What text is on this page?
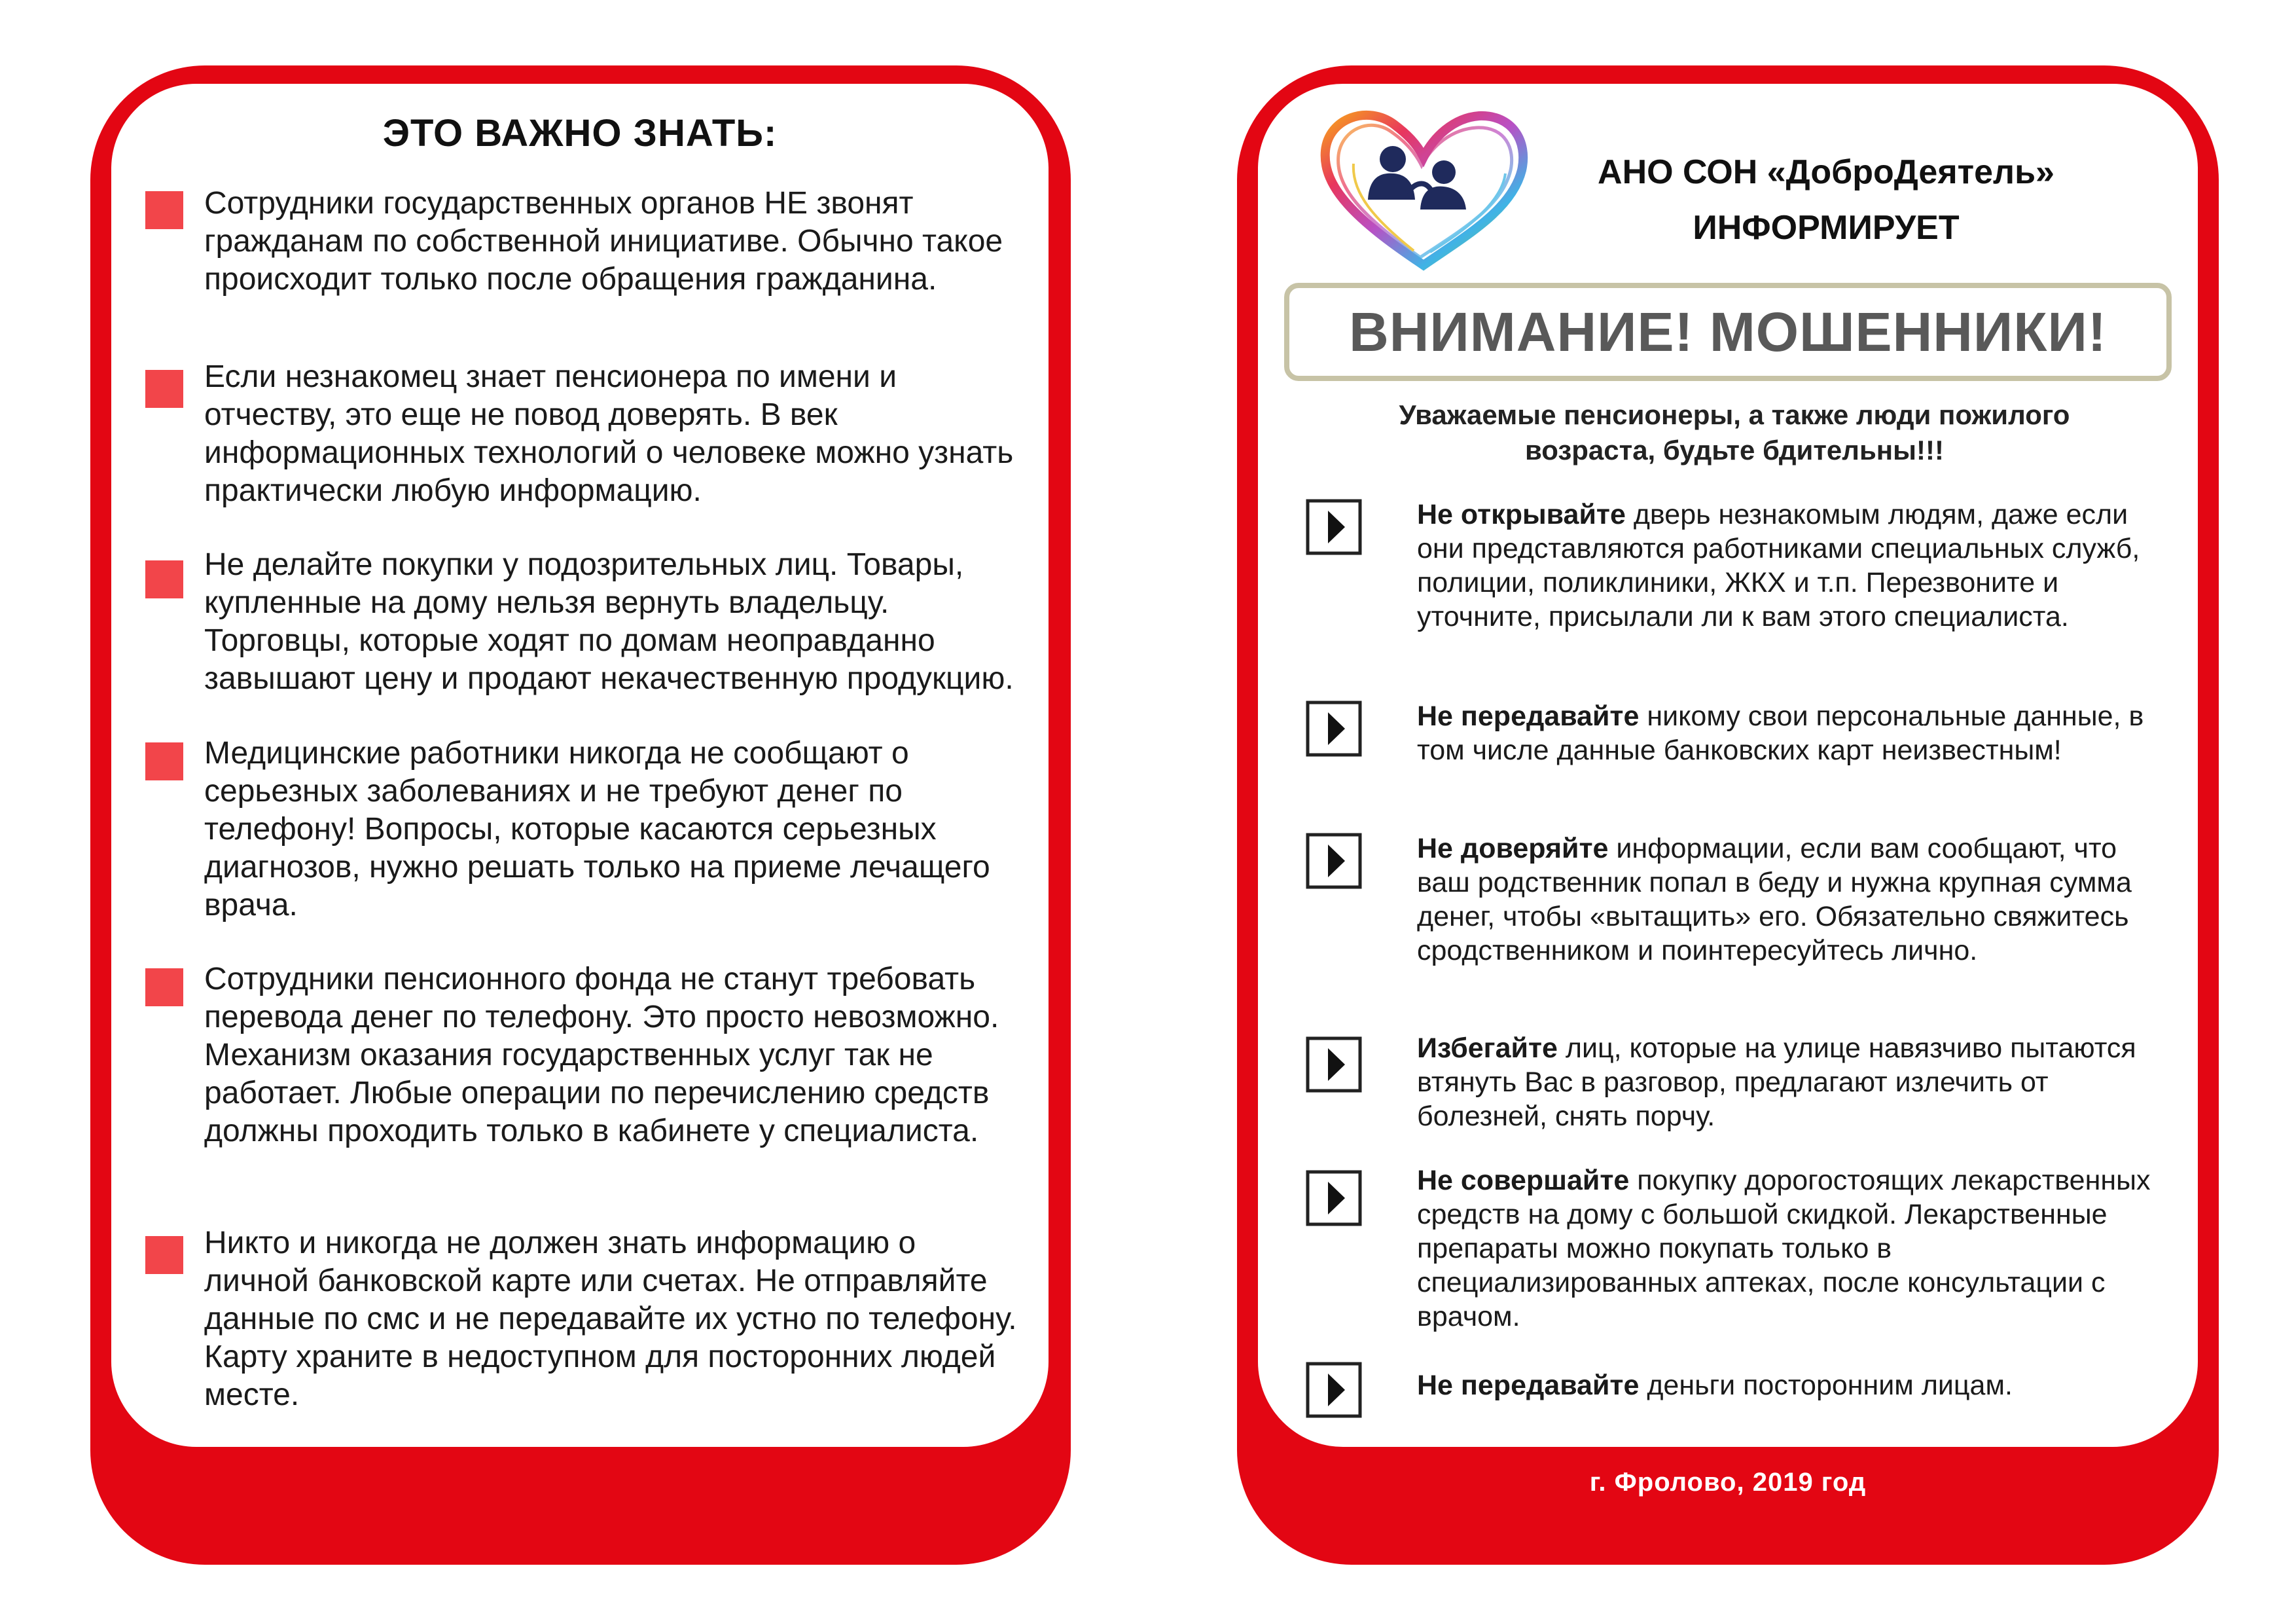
ЭТО ВАЖНО ЗНАТЬ:
Сотрудники государственных органов НЕ звонят гражданам по собственной инициативе. Обычно такое происходит только после обращения гражданина.
Если незнакомец знает пенсионера по имени и отчеству, это еще не повод доверять. В век информационных технологий о человеке можно узнать практически любую информацию.
Не делайте покупки у подозрительных лиц. Товары, купленные на дому нельзя вернуть владельцу. Торговцы, которые ходят по домам неоправданно завышают цену и продают некачественную продукцию.
Медицинские работники никогда не сообщают о серьезных заболеваниях и не требуют денег по телефону! Вопросы, которые касаются серьезных диагнозов, нужно решать только на приеме лечащего врача.
Сотрудники пенсионного фонда не станут требовать перевода денег по телефону. Это просто невозможно. Механизм оказания государственных услуг так не работает. Любые операции по перечислению средств должны проходить только в кабинете у специалиста.
Никто и никогда не должен знать информацию о личной банковской карте или счетах. Не отправляйте данные по смс и не передавайте их устно по телефону. Карту храните в недоступном для посторонних людей месте.
АНО СОН «ДоброДеятель»
ИНФОРМИРУЕТ
ВНИМАНИЕ! МОШЕННИКИ!
Уважаемые пенсионеры, а также люди пожилого
возраста, будьте бдительны!!!
Не открывайте дверь незнакомым людям, даже если они представляются работниками специальных служб, полиции, поликлиники, ЖКХ и т.п. Перезвоните и уточните, присылали ли к вам этого специалиста.
Не передавайте никому свои персональные данные, в том числе данные банковских карт неизвестным!
Не доверяйте информации, если вам сообщают, что ваш родственник попал в беду и нужна крупная сумма денег, чтобы «вытащить» его. Обязательно свяжитесь сродственником и поинтересуйтесь лично.
Избегайте лиц, которые на улице навязчиво пытаются втянуть Вас в разговор, предлагают излечить от болезней, снять порчу.
Не совершайте покупку дорогостоящих лекарственных средств на дому с большой скидкой. Лекарственные препараты можно покупать только в специализированных аптеках, после консультации с врачом.
Не передавайте деньги посторонним лицам.
г. Фролово, 2019 год
